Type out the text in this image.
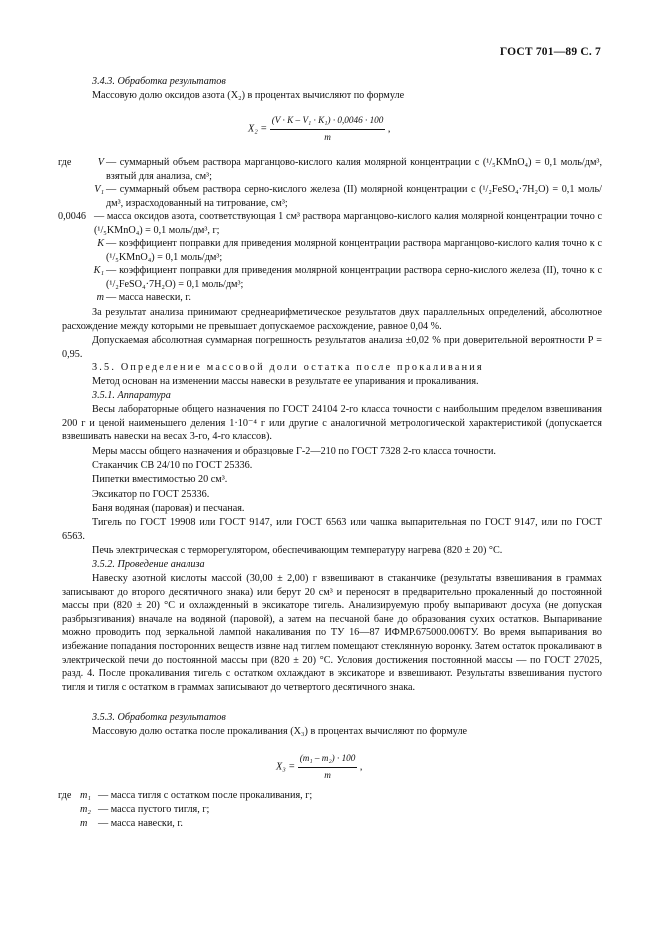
ГОСТ 701—89 С. 7
3.4.3. Обработка результатов
Массовую долю оксидов азота (X₂) в процентах вычисляют по формуле
$X_2 = \frac{\text{(V · K – V₁ · K₁) · 0,0046 · 100}}{m}$ ,
где	V — суммарный объем раствора марганцово-кислого калия молярной концентрации c (¹/₅KMnO₄) = 0,1 моль/дм³, взятый для анализа, см³;
V₁ — суммарный объем раствора серно-кислого железа (II) молярной концентрации c (¹/₂FeSO₄·7H₂O) = 0,1 моль/дм³, израсходованный на титрование, см³;
0,0046 — масса оксидов азота, соответствующая 1 см³ раствора марганцово-кислого калия молярной концентрации точно c (¹/₅KMnO₄) = 0,1 моль/дм³, г;
K — коэффициент поправки для приведения молярной концентрации раствора марганцово-кислого калия точно к c (¹/₅KMnO₄) = 0,1 моль/дм³;
K₁ — коэффициент поправки для приведения молярной концентрации раствора серно-кислого железа (II), точно к c (¹/₂FeSO₄·7H₂O) = 0,1 моль/дм³;
m — масса навески, г.
За результат анализа принимают среднеарифметическое результатов двух параллельных определений, абсолютное расхождение между которыми не превышает допускаемое расхождение, равное 0,04 %.
Допускаемая абсолютная суммарная погрешность результатов анализа ±0,02 % при доверительной вероятности P = 0,95.
3.5. Определение массовой доли остатка после прокаливания
Метод основан на изменении массы навески в результате ее упаривания и прокаливания.
3.5.1. Аппаратура
Весы лабораторные общего назначения по ГОСТ 24104 2-го класса точности с наибольшим пределом взвешивания 200 г и ценой наименьшего деления 1·10⁻⁴ г или другие с аналогичной метрологической характеристикой (допускается взвешивать навески на весах 3-го, 4-го классов).
Меры массы общего назначения и образцовые Г-2—210 по ГОСТ 7328 2-го класса точности.
Стаканчик СВ 24/10 по ГОСТ 25336.
Пипетки вместимостью 20 см³.
Эксикатор по ГОСТ 25336.
Баня водяная (паровая) и песчаная.
Тигель по ГОСТ 19908 или ГОСТ 9147, или ГОСТ 6563 или чашка выпарительная по ГОСТ 9147, или по ГОСТ 6563.
Печь электрическая с терморегулятором, обеспечивающим температуру нагрева (820 ± 20) °C.
3.5.2. Проведение анализа
Навеску азотной кислоты массой (30,00 ± 2,00) г взвешивают в стаканчике (результаты взвешивания в граммах записывают до второго десятичного знака) или берут 20 см³ и переносят в предварительно прокаленный до постоянной массы при (820 ± 20) °C и охлажденный в эксикаторе тигель. Анализируемую пробу выпаривают досуха (не допуская разбрызгивания) вначале на водяной (паровой), а затем на песчаной бане до образования сухих остатков. Выпаривание можно проводить под зеркальной лампой накаливания по ТУ 16—87 ИФМР.675000.006ТУ. Во время выпаривания во избежание попадания посторонних веществ извне над тиглем помещают стеклянную воронку. Затем остаток прокаливают в электрической печи до постоянной массы при (820 ± 20) °C. Условия достижения постоянной массы — по ГОСТ 27025, разд. 4. После прокаливания тигель с остатком охлаждают в эксикаторе и взвешивают. Результаты взвешивания пустого тигля и тигля с остатком в граммах записывают до четвертого десятичного знака.
3.5.3. Обработка результатов
Массовую долю остатка после прокаливания (X₃) в процентах вычисляют по формуле
$X_3 = \frac{\text{(m₁ – m₂) · 100}}{m}$ ,
где m₁ — масса тигля с остатком после прокаливания, г;
m₂ — масса пустого тигля, г;
m	— масса навески, г.
